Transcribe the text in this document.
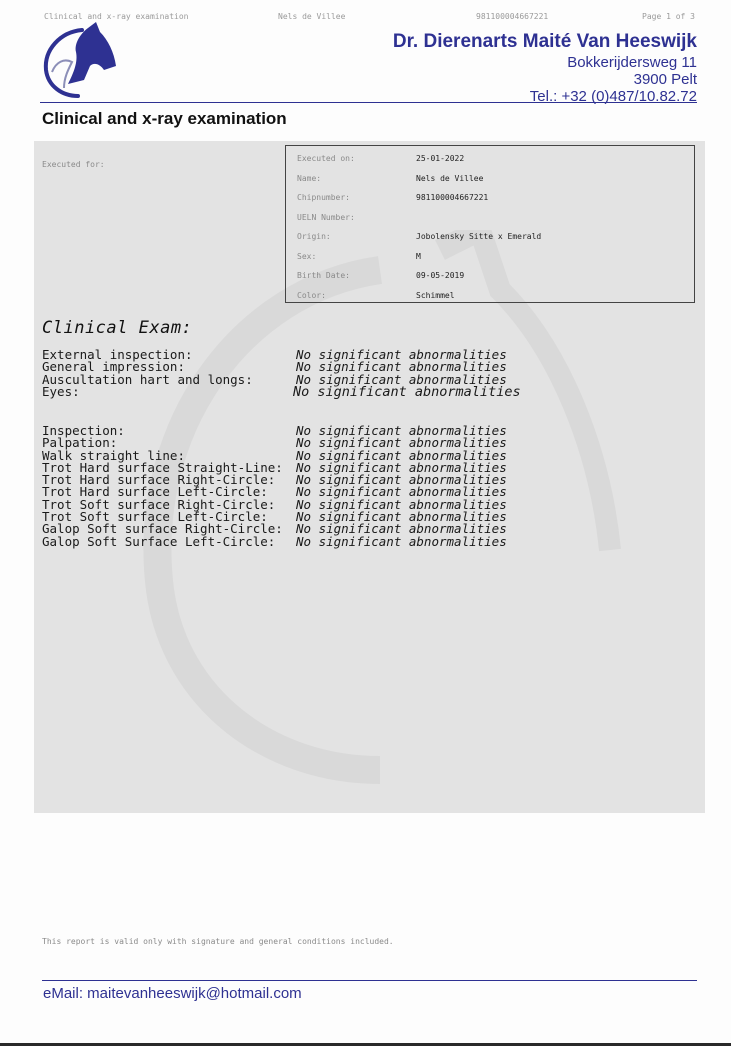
Clinical and x-ray examination	Nels de Villee	981100004667221	Page 1 of 3
Dr. Dierenarts Maité Van Heeswijk
Bokkerijdersweg 11
3900 Pelt
Tel.: +32 (0)487/10.82.72
Clinical and x-ray examination
Executed for:
Executed on:	25-01-2022
Name:	Nels de Villee
Chipnumber:	981100004667221
UELN Number:
Origin:	Jobolensky Sitte x Emerald
Sex:	M
Birth Date:	09-05-2019
Color:	Schimmel
Clinical Exam:
External inspection:	No significant abnormalities
General impression:	No significant abnormalities
Auscultation hart and longs:	No significant abnormalities
Eyes:	No significant abnormalities
Inspection:	No significant abnormalities
Palpation:	No significant abnormalities
Walk straight line:	No significant abnormalities
Trot Hard surface Straight-Line: No significant abnormalities
Trot Hard surface Right-Circle: No significant abnormalities
Trot Hard surface Left-Circle: No significant abnormalities
Trot Soft surface Right-Circle: No significant abnormalities
Trot Soft surface Left-Circle: No significant abnormalities
Galop Soft surface Right-Circle: No significant abnormalities
Galop Soft Surface Left-Circle: No significant abnormalities
This report is valid only with signature and general conditions included.
eMail: maitevanheeswijk@hotmail.com
